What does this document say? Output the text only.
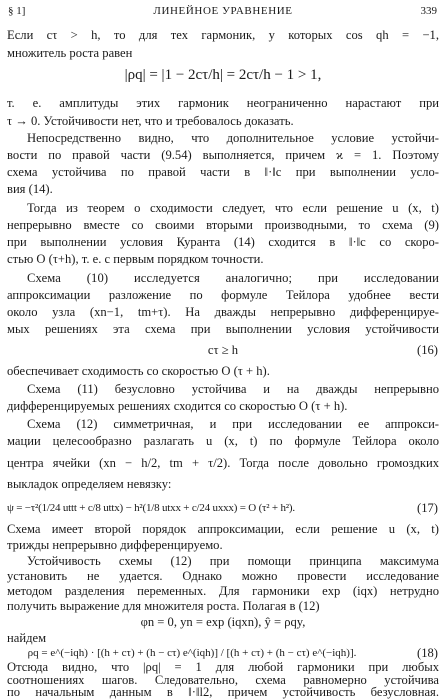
§ 1]	ЛИНЕЙНОЕ УРАВНЕНИЕ	339
Если cτ > h, то для тех гармоник, у которых cos qh = −1,
множитель роста равен
|ρq| = |1 − 2cτ/h| = 2cτ/h − 1 > 1,
т. е. амплитуды этих гармоник неограниченно нарастают при
τ → 0. Устойчивости нет, что и требовалось доказать.
Непосредственно видно, что дополнительное условие устойчи-
вости по правой части (9.54) выполняется, причем ϰ = 1. Поэтому
схема устойчива по правой части в ‖·‖c при выполнении усло-
вия (14).
Тогда из теорем о сходимости следует, что если решение u (x, t)
непрерывно вместе со своими вторыми производными, то схема (9)
при выполнении условия Куранта (14) сходится в ‖·‖c со скоро-
стью O (τ+h), т. е. с первым порядком точности.
Схема (10) исследуется аналогично; при исследовании
аппроксимации разложение по формуле Тейлора удобнее вести
около узла (xn−1, tm+τ). На дважды непрерывно дифференцируе-
мых решениях эта схема при выполнении условия устойчивости
cτ ≥ h	(16)
обеспечивает сходимость со скоростью O (τ + h).
Схема (11) безусловно устойчива и на дважды непрерывно
дифференцируемых решениях сходится со скоростью O (τ + h).
Схема (12) симметричная, и при исследовании ее аппрокси-
мации целесообразно разлагать u (x, t) по формуле Тейлора около
центра ячейки (xn − h/2, tm + τ/2). Тогда после довольно громоздких
выкладок определяем невязку:
ψ = −τ²(1/24 uttt + c/8 uttx) − h²(1/8 utxx + c/24 uxxx) = O (τ² + h²).	(17)
Схема имеет второй порядок аппроксимации, если решение u (x, t)
трижды непрерывно дифференцируемо.
Устойчивость схемы (12) при помощи принципа максимума
установить не удается. Однако можно провести исследование
методом разделения переменных. Для гармоники exp (iqx) нетрудно
получить выражение для множителя роста. Полагая в (12)
φn = 0, yn = exp (iqxn), ŷ = ρqy,
найдем
ρq = e^(−iqh) · [(h + cτ) + (h − cτ) e^(iqh)] / [(h + cτ) + (h − cτ) e^(−iqh)].	(18)
Отсюда видно, что |ρq| = 1 для любой гармоники при любых
соотношениях шагов. Следовательно, схема равномерно устойчива
по начальным данным в ‖·‖l2, причем устойчивость безусловная.
